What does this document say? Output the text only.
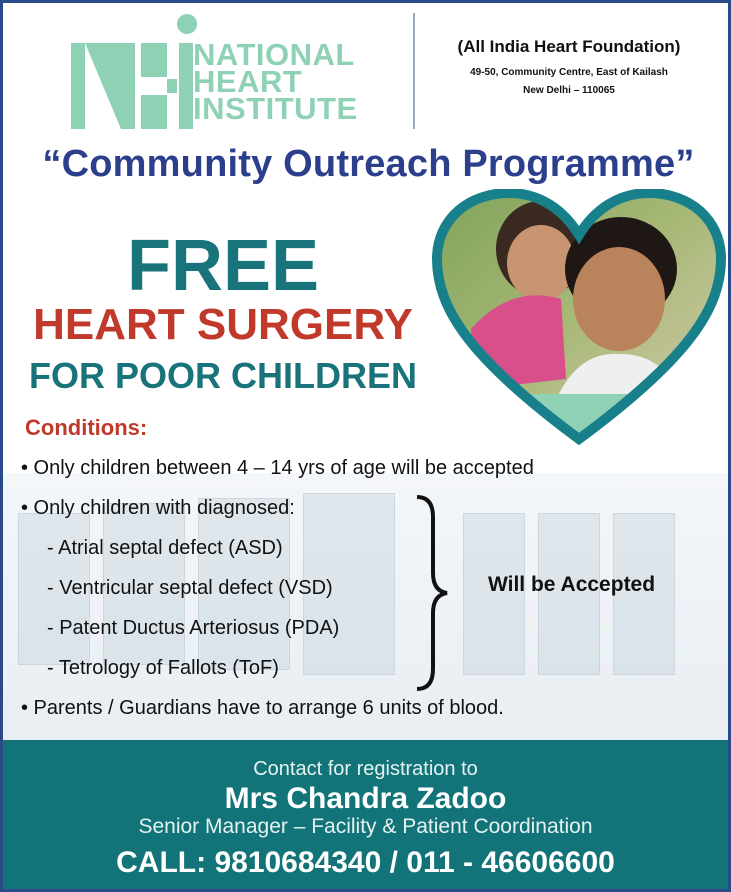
NATIONAL
HEART
INSTITUTE
(All India Heart Foundation)
49-50, Community Centre, East of Kailash
New Delhi – 110065
“Community Outreach Programme”
FREE
HEART SURGERY
FOR POOR CHILDREN
Conditions:
• Only children between 4 – 14 yrs of age will be accepted
• Only children with diagnosed:
- Atrial septal defect (ASD)
- Ventricular septal defect (VSD)
- Patent Ductus Arteriosus (PDA)
- Tetrology of Fallots (ToF)
Will be Accepted
• Parents / Guardians have to arrange 6 units of blood.
Contact for registration to
Mrs Chandra Zadoo
Senior Manager – Facility & Patient Coordination
CALL: 9810684340 / 011 - 46606600
